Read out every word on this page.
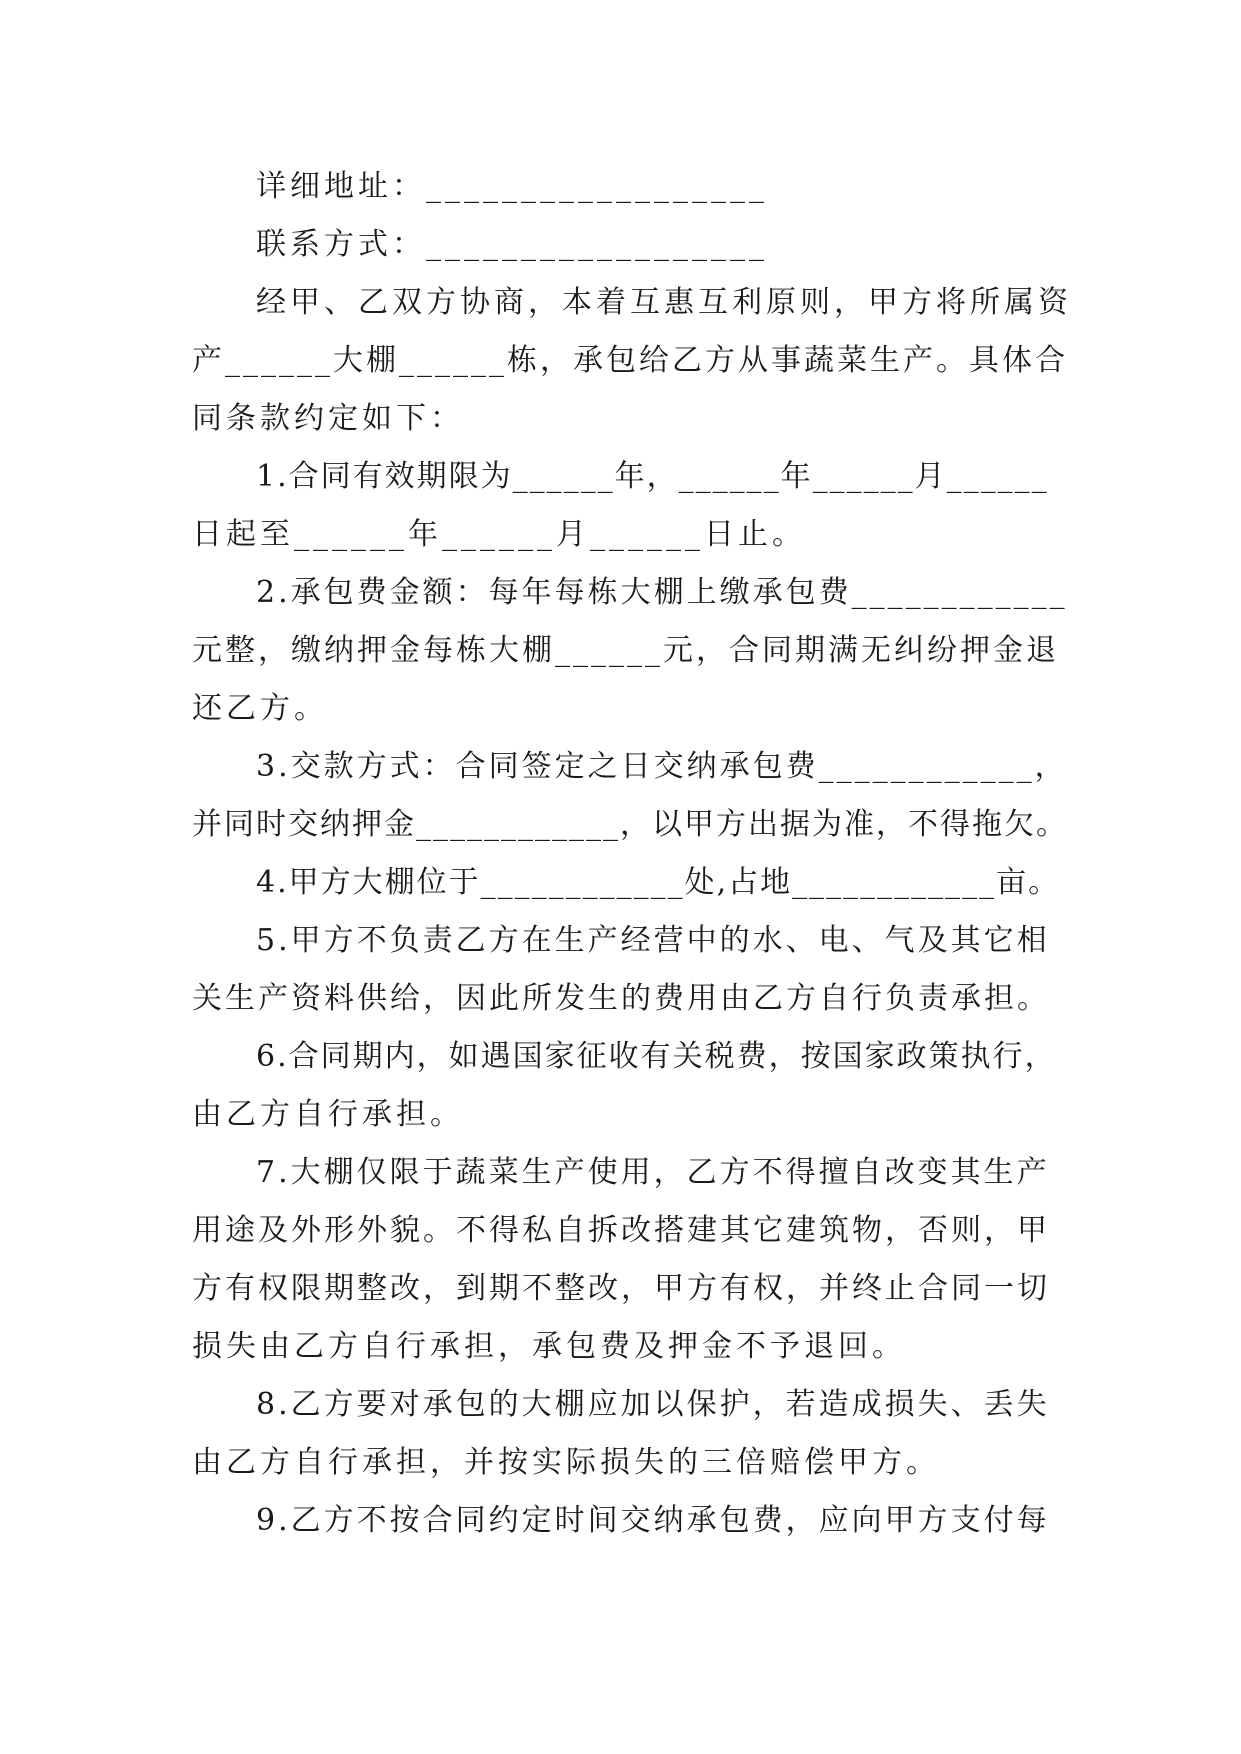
详细地址：__________________
联系方式：__________________
经甲、乙双方协商，本着互惠互利原则，甲方将所属资
产______大棚______栋，承包给乙方从事蔬菜生产。具体合
同条款约定如下：
1.合同有效期限为______年，______年______月______
日起至______年______月______日止。
2.承包费金额：每年每栋大棚上缴承包费____________
元整，缴纳押金每栋大棚______元，合同期满无纠纷押金退
还乙方。
3.交款方式：合同签定之日交纳承包费____________，
并同时交纳押金____________，以甲方出据为准，不得拖欠。
4.甲方大棚位于____________处,占地____________亩。
5.甲方不负责乙方在生产经营中的水、电、气及其它相
关生产资料供给，因此所发生的费用由乙方自行负责承担。
6.合同期内，如遇国家征收有关税费，按国家政策执行，
由乙方自行承担。
7.大棚仅限于蔬菜生产使用，乙方不得擅自改变其生产
用途及外形外貌。不得私自拆改搭建其它建筑物，否则，甲
方有权限期整改，到期不整改，甲方有权，并终止合同一切
损失由乙方自行承担，承包费及押金不予退回。
8.乙方要对承包的大棚应加以保护，若造成损失、丢失
由乙方自行承担，并按实际损失的三倍赔偿甲方。
9.乙方不按合同约定时间交纳承包费，应向甲方支付每
